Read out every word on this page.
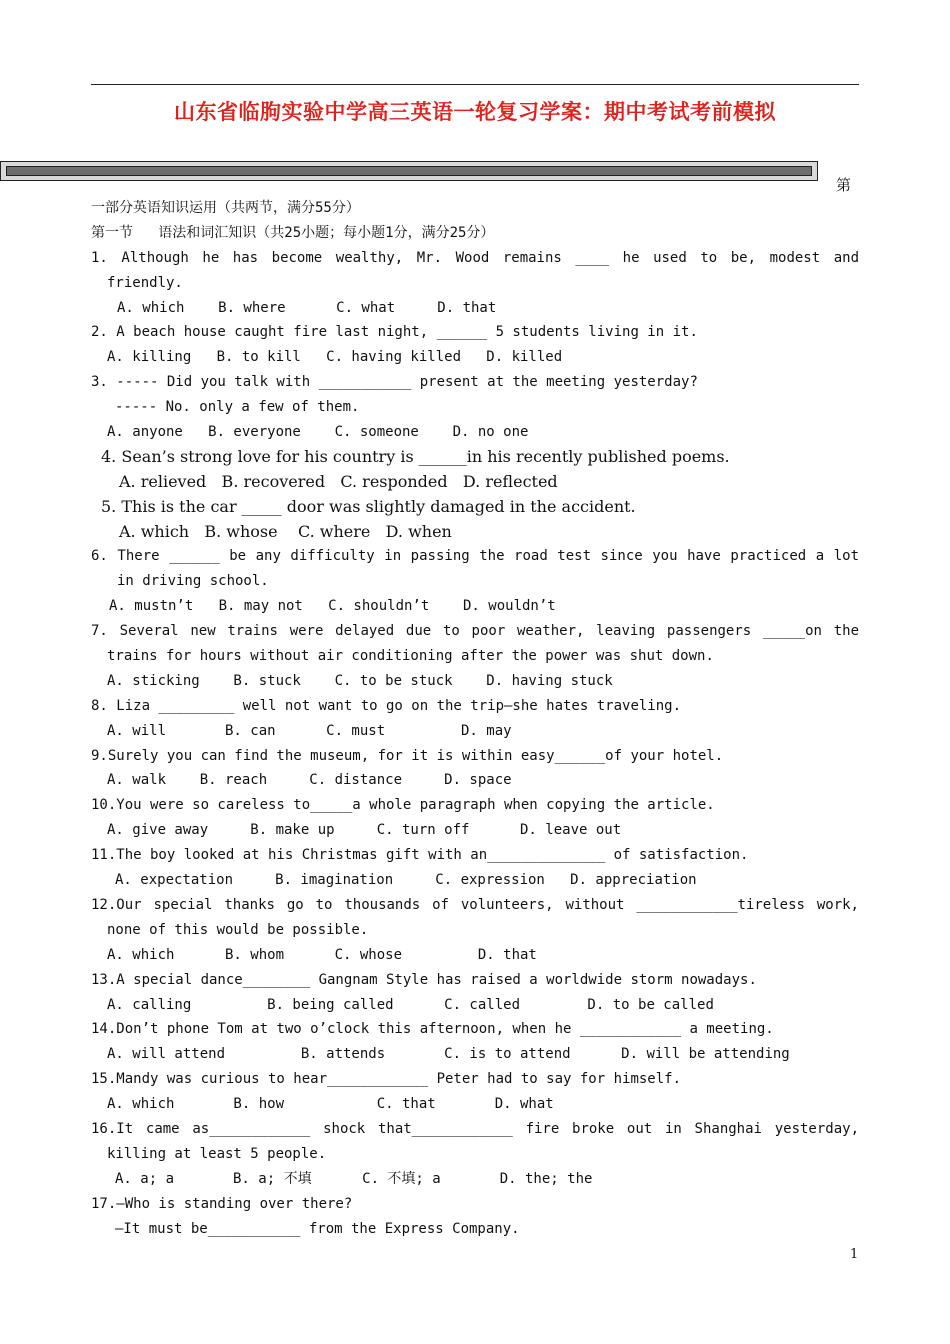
山东省临朐实验中学高三英语一轮复习学案：期中考试考前模拟
第
一部分英语知识运用（共两节，满分55分）
第一节   语法和词汇知识（共25小题；每小题1分，满分25分）
1. Although he has become wealthy, Mr. Wood remains ____ he used to be, modest and
friendly.
A. which    B. where      C. what     D. that
2. A beach house caught fire last night, ______ 5 students living in it.
A. killing   B. to kill   C. having killed   D. killed
3. ----- Did you talk with ___________ present at the meeting yesterday?
----- No. only a few of them.
A. anyone   B. everyone    C. someone    D. no one
4. Sean’s strong love for his country is ______in his recently published poems.
A. relieved   B. recovered   C. responded   D. reflected
5. This is the car _____ door was slightly damaged in the accident.
A. which   B. whose    C. where   D. when
6. There ______ be any difficulty in passing the road test since you have practiced a lot
in driving school.
A. mustn’t   B. may not   C. shouldn’t    D. wouldn’t
7. Several new trains were delayed due to poor weather, leaving passengers _____on the
trains for hours without air conditioning after the power was shut down.
A. sticking    B. stuck    C. to be stuck    D. having stuck
8. Liza _________ well not want to go on the trip—she hates traveling.
A. will       B. can      C. must         D. may
9.Surely you can find the museum, for it is within easy______of your hotel.
A. walk    B. reach     C. distance     D. space
10.You were so careless to_____a whole paragraph when copying the article.
A. give away     B. make up     C. turn off      D. leave out
11.The boy looked at his Christmas gift with an______________ of satisfaction.
A. expectation     B. imagination     C. expression   D. appreciation
12.Our special thanks go to thousands of volunteers, without ____________tireless work,
none of this would be possible.
A. which      B. whom      C. whose         D. that
13.A special dance________ Gangnam Style has raised a worldwide storm nowadays.
A. calling         B. being called      C. called        D. to be called
14.Don’t phone Tom at two o’clock this afternoon, when he ____________ a meeting.
A. will attend         B. attends       C. is to attend      D. will be attending
15.Mandy was curious to hear____________ Peter had to say for himself.
A. which       B. how           C. that       D. what
16.It came as____________ shock that____________ fire broke out in Shanghai yesterday,
killing at least 5 people.
A. a; a       B. a; 不填      C. 不填; a       D. the; the
17.—Who is standing over there?
—It must be___________ from the Express Company.
1
